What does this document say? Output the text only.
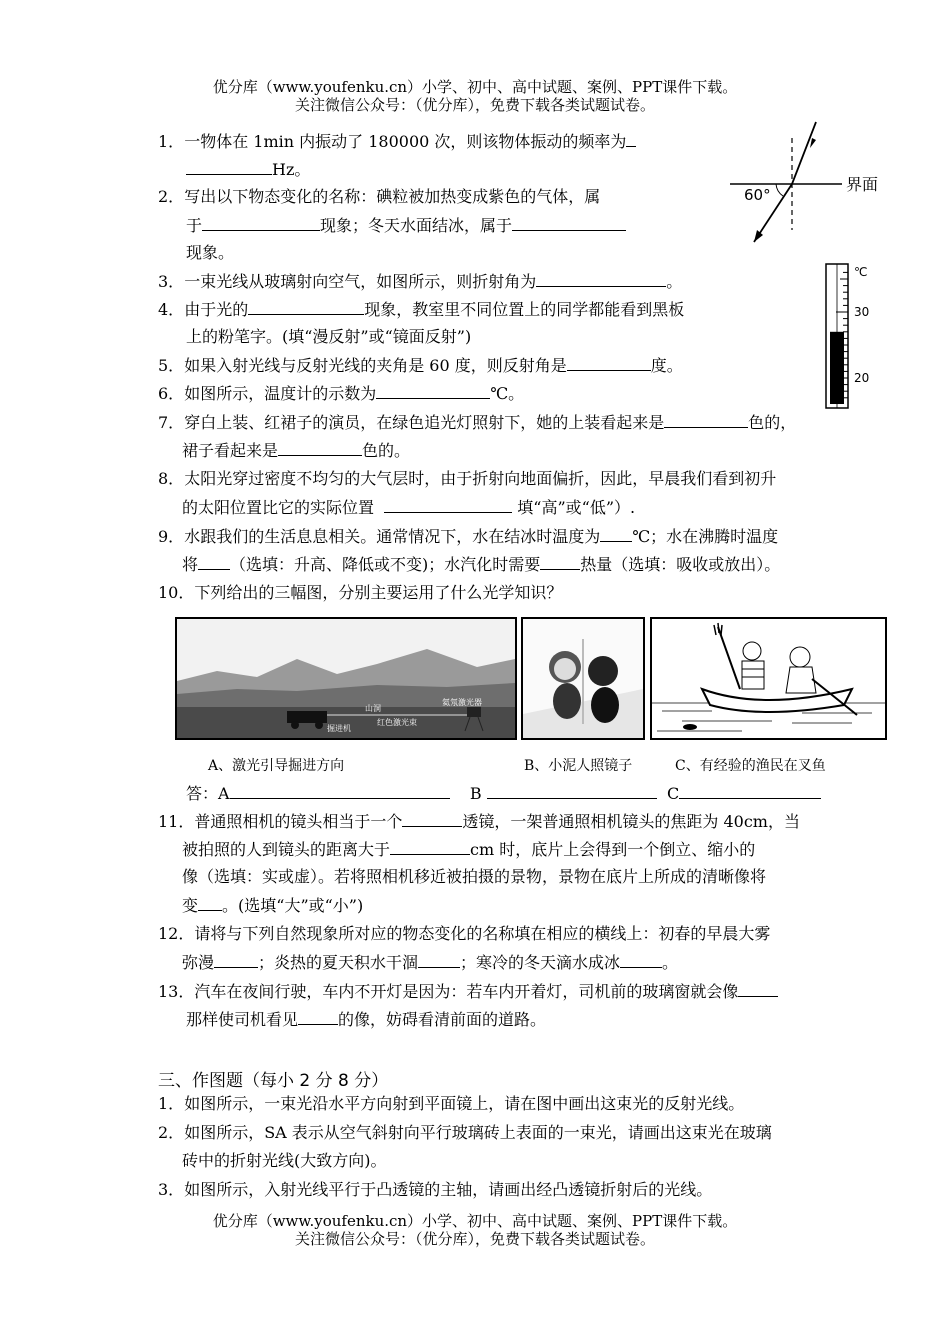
优分库（www.youfenku.cn）小学、初中、高中试题、案例、PPT课件下载。
关注微信公众号：（优分库），免费下载各类试题试卷。
1．一物体在 1min 内振动了 180000 次，则该物体振动的频率为
Hz。
2．写出以下物态变化的名称：碘粒被加热变成紫色的气体，属
于	现象；冬天水面结冰，属于
现象。
3．一束光线从玻璃射向空气，如图所示，则折射角为	。
4．由于光的	现象，教室里不同位置上的同学都能看到黑板
上的粉笔字。(填“漫反射”或“镜面反射”)
5．如果入射光线与反射光线的夹角是 60 度，则反射角是	度。
6．如图所示，温度计的示数为	℃。
7．穿白上装、红裙子的演员，在绿色追光灯照射下，她的上装看起来是	色的，
裙子看起来是	色的。
8．太阳光穿过密度不均匀的大气层时，由于折射向地面偏折，因此，早晨我们看到初升
的太阳位置比它的实际位置	填“高”或“低”）.
9．水跟我们的生活息息相关。通常情况下，水在结冰时温度为 ℃；水在沸腾时温度
将 （选填：升高、降低或不变)；水汽化时需要	热量（选填：吸收或放出）。
10．下列给出的三幅图，分别主要运用了什么光学知识？
山洞
氦氖激光器
红色激光束
掘进机
A、激光引导掘进方向	B、小泥人照镜子	C、有经验的渔民在叉鱼
答：A	B	C
11．普通照相机的镜头相当于一个	透镜，一架普通照相机镜头的焦距为 40cm，当
被拍照的人到镜头的距离大于	cm 时，底片上会得到一个倒立、缩小的
像（选填：实或虚）。若将照相机移近被拍摄的景物，景物在底片上所成的清晰像将
变 。(选填“大”或“小”)
12．请将与下列自然现象所对应的物态变化的名称填在相应的横线上：初春的早晨大雾
弥漫	；炎热的夏天积水干涸	；寒冷的冬天滴水成冰	。
13．汽车在夜间行驶，车内不开灯是因为：若车内开着灯，司机前的玻璃窗就会像
那样使司机看见	的像，妨碍看清前面的道路。
三、作图题（每小 2 分 8 分）
1．如图所示，一束光沿水平方向射到平面镜上，请在图中画出这束光的反射光线。
2．如图所示，SA 表示从空气斜射向平行玻璃砖上表面的一束光，请画出这束光在玻璃
砖中的折射光线(大致方向)。
3．如图所示，入射光线平行于凸透镜的主轴，请画出经凸透镜折射后的光线。
优分库（www.youfenku.cn）小学、初中、高中试题、案例、PPT课件下载。
关注微信公众号：（优分库），免费下载各类试题试卷。
60°
界面
℃
30
20
